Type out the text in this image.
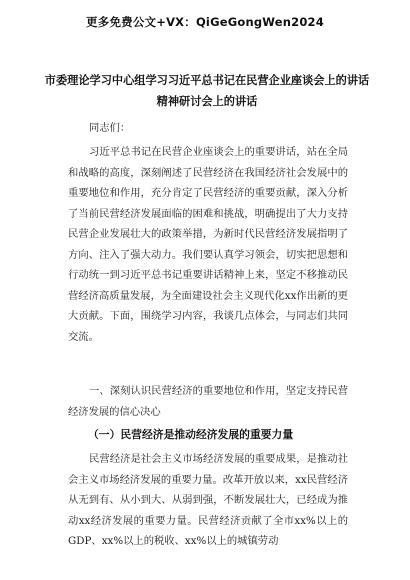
更多免费公文+VX：QiGeGongWen2024
市委理论学习中心组学习习近平总书记在民营企业座谈会上的讲话精神研讨会上的讲话
同志们：
习近平总书记在民营企业座谈会上的重要讲话，站在全局和战略的高度，深刻阐述了民营经济在我国经济社会发展中的重要地位和作用，充分肯定了民营经济的重要贡献，深入分析了当前民营经济发展面临的困难和挑战，明确提出了大力支持民营企业发展壮大的政策举措，为新时代民营经济发展指明了方向、注入了强大动力。我们要认真学习领会，切实把思想和行动统一到习近平总书记重要讲话精神上来，坚定不移推动民营经济高质量发展，为全面建设社会主义现代化xx作出新的更大贡献。下面，围绕学习内容，我谈几点体会，与同志们共同交流。
一、深刻认识民营经济的重要地位和作用，坚定支持民营经济发展的信心决心
（一）民营经济是推动经济发展的重要力量
民营经济是社会主义市场经济发展的重要成果，是推动社会主义市场经济发展的重要力量。改革开放以来，xx民营经济从无到有、从小到大、从弱到强，不断发展壮大，已经成为推动xx经济发展的重要力量。民营经济贡献了全市xx%以上的GDP、xx%以上的税收、xx%以上的城镇劳动
